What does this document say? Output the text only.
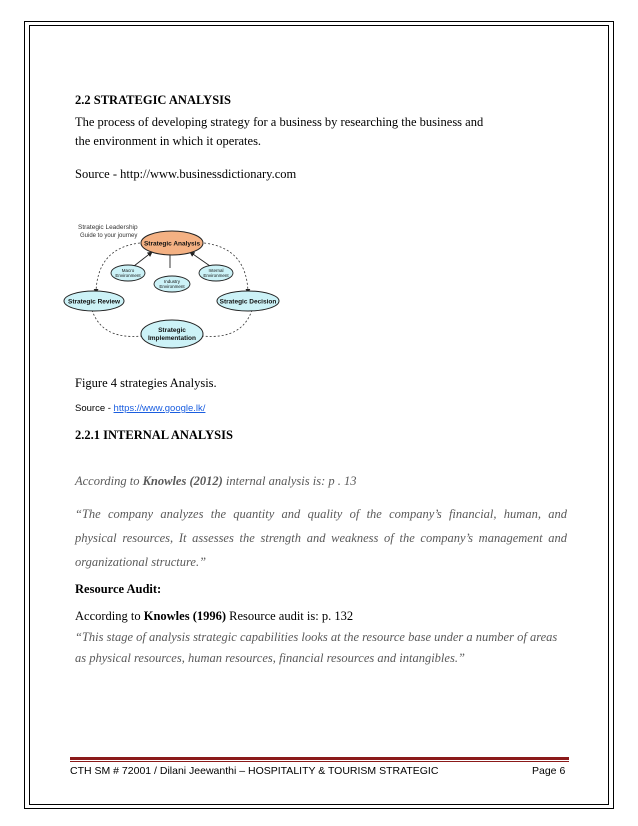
2.2 STRATEGIC ANALYSIS
The process of developing strategy for a business by researching the business and
the environment in which it operates.
Source - http://www.businessdictionary.com
Strategic Leadership
Guide to your journey
Strategic Analysis
Macro
Environment
Internal
Environment
Industry
Environment
Strategic Review	Strategic Decision
Strategic
Implementation
Figure 4 strategies Analysis.
Source - https://www.google.lk/
2.2.1 INTERNAL ANALYSIS
According to Knowles (2012) internal analysis is: p . 13
“The company analyzes the quantity and quality of the company’s financial, human, and
physical resources, It assesses the strength and weakness of the company’s management and
organizational structure.”
Resource Audit:
According to Knowles (1996) Resource audit is: p. 132
“This stage of analysis strategic capabilities looks at the resource base under a number of areas
as physical resources, human resources, financial resources and intangibles.”
CTH SM # 72001 / Dilani Jeewanthi – HOSPITALITY & TOURISM STRATEGIC	Page 6
